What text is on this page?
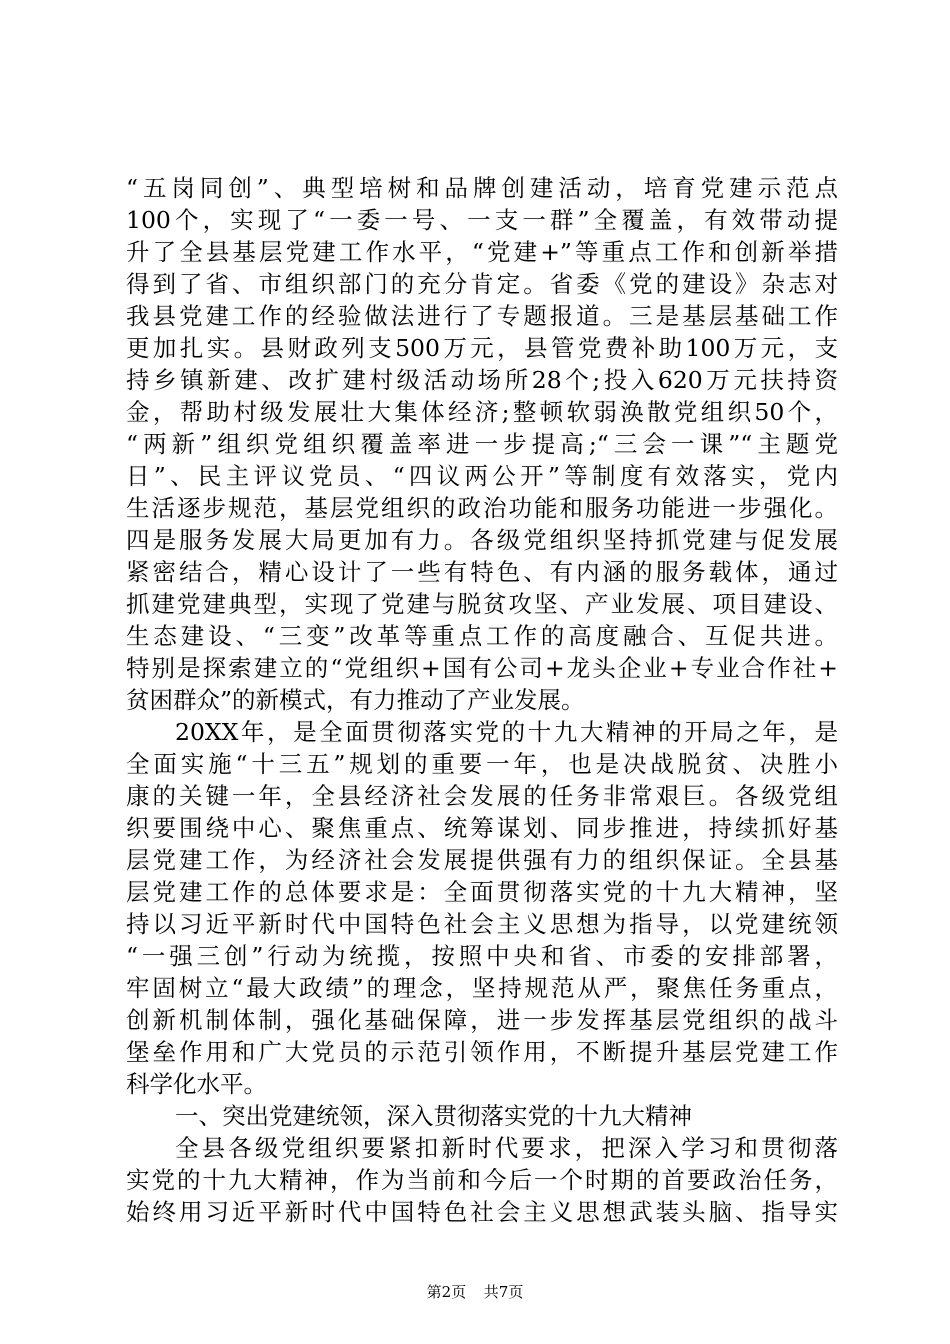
“五岗同创”、典型培树和品牌创建活动，培育党建示范点
100个，实现了“一委一号、一支一群”全覆盖，有效带动提
升了全县基层党建工作水平，“党建+”等重点工作和创新举措
得到了省、市组织部门的充分肯定。省委《党的建设》杂志对
我县党建工作的经验做法进行了专题报道。三是基层基础工作
更加扎实。县财政列支500万元，县管党费补助100万元，支
持乡镇新建、改扩建村级活动场所28个;投入620万元扶持资
金，帮助村级发展壮大集体经济;整顿软弱涣散党组织50个，
“两新”组织党组织覆盖率进一步提高;“三会一课”“主题党
日”、民主评议党员、“四议两公开”等制度有效落实，党内
生活逐步规范，基层党组织的政治功能和服务功能进一步强化。
四是服务发展大局更加有力。各级党组织坚持抓党建与促发展
紧密结合，精心设计了一些有特色、有内涵的服务载体，通过
抓建党建典型，实现了党建与脱贫攻坚、产业发展、项目建设、
生态建设、“三变”改革等重点工作的高度融合、互促共进。
特别是探索建立的“党组织+国有公司+龙头企业+专业合作社+
贫困群众”的新模式，有力推动了产业发展。
20XX年，是全面贯彻落实党的十九大精神的开局之年，是
全面实施“十三五”规划的重要一年，也是决战脱贫、决胜小
康的关键一年，全县经济社会发展的任务非常艰巨。各级党组
织要围绕中心、聚焦重点、统筹谋划、同步推进，持续抓好基
层党建工作，为经济社会发展提供强有力的组织保证。全县基
层党建工作的总体要求是：全面贯彻落实党的十九大精神，坚
持以习近平新时代中国特色社会主义思想为指导，以党建统领
“一强三创”行动为统揽，按照中央和省、市委的安排部署，
牢固树立“最大政绩”的理念，坚持规范从严，聚焦任务重点，
创新机制体制，强化基础保障，进一步发挥基层党组织的战斗
堡垒作用和广大党员的示范引领作用，不断提升基层党建工作
科学化水平。
一、突出党建统领，深入贯彻落实党的十九大精神
全县各级党组织要紧扣新时代要求，把深入学习和贯彻落
实党的十九大精神，作为当前和今后一个时期的首要政治任务，
始终用习近平新时代中国特色社会主义思想武装头脑、指导实
第2页 共7页
